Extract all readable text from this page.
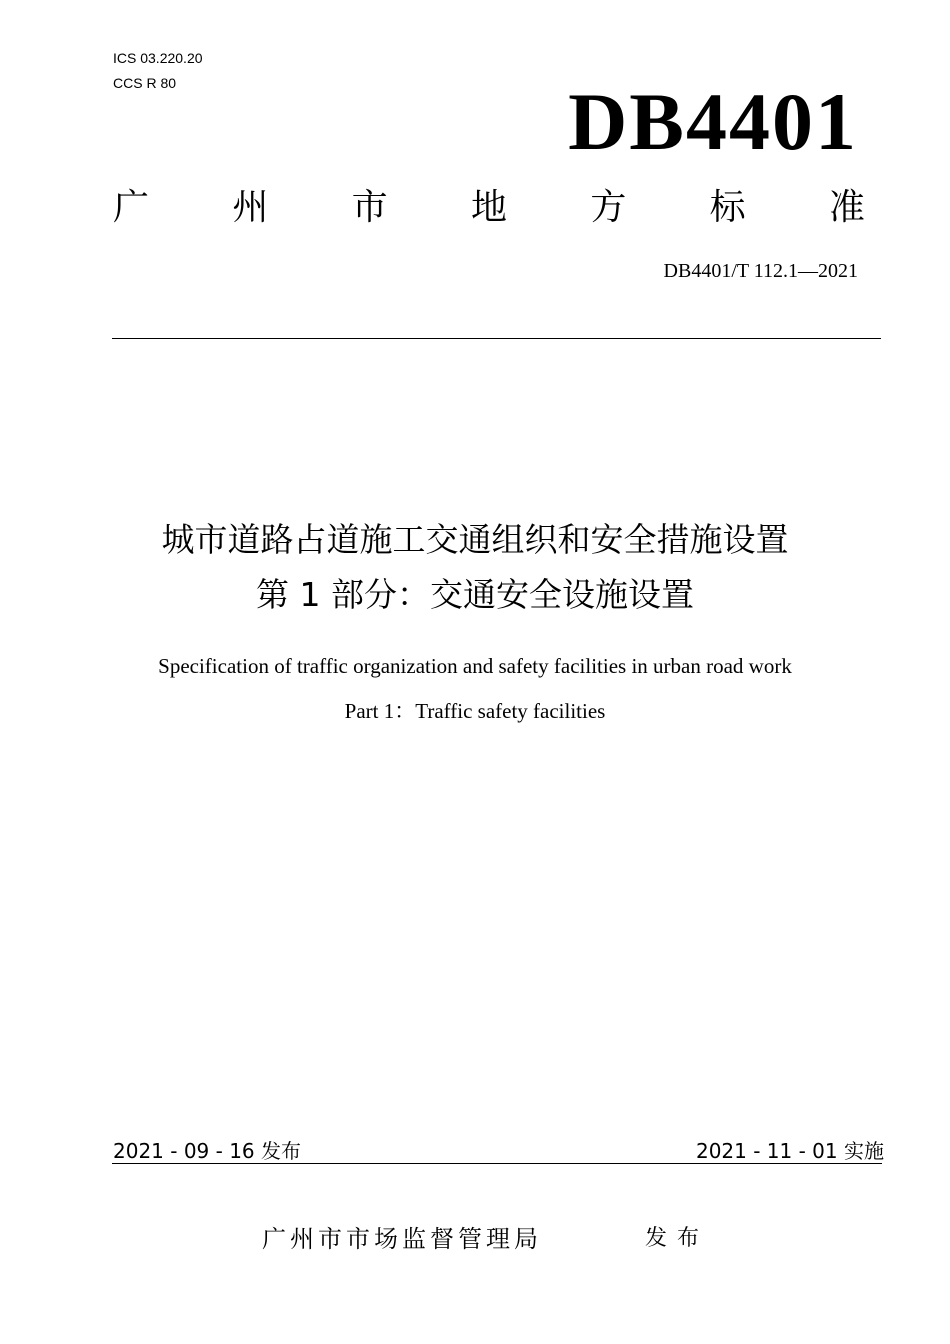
ICS 03.220.20
CCS R 80	DB4401
广 州 市 地 方 标 准
DB4401/T 112.1—2021
城市道路占道施工交通组织和安全措施设置
第 1 部分：交通安全设施设置
Specification of traffic organization and safety facilities in urban road work
Part 1：Traffic safety facilities
2021 - 09 - 16 发布	2021 - 11 - 01 实施
广州市市场监督管理局	发布
